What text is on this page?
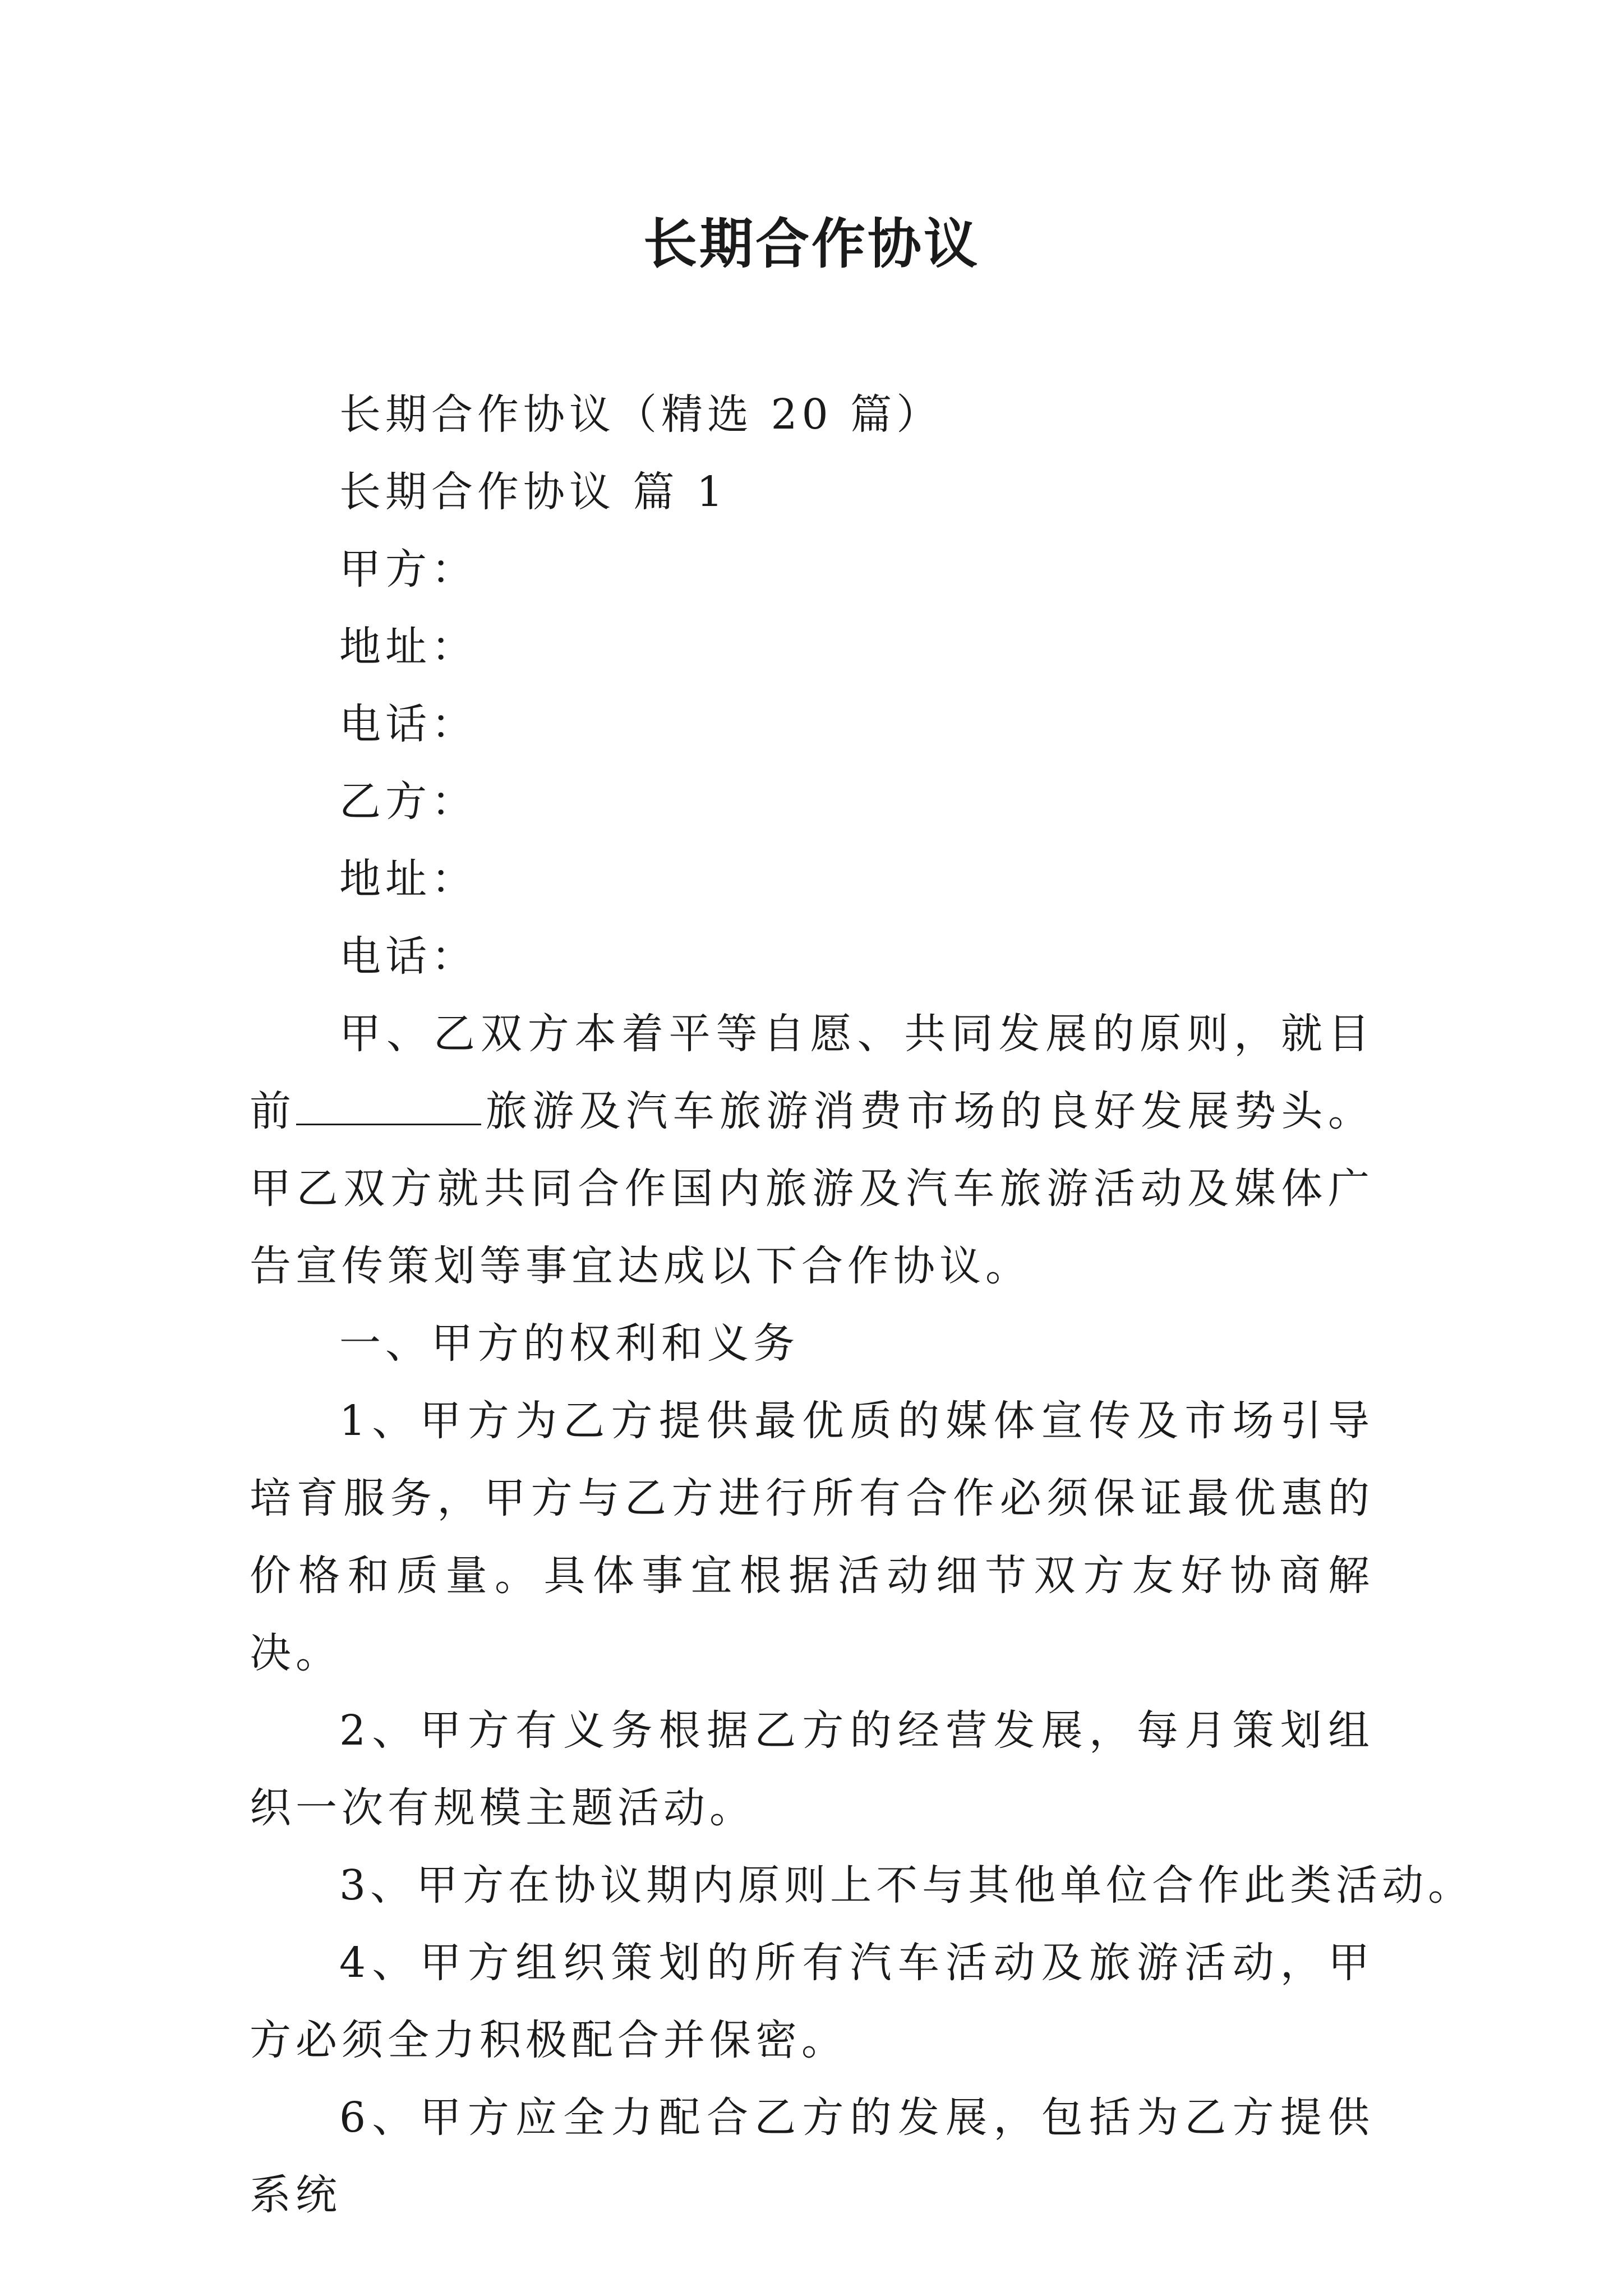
长期合作协议

长期合作协议（精选 20 篇）

长期合作协议 篇 1

甲方：

地址：

电话：

乙方：

地址：

电话：

甲、乙双方本着平等自愿、共同发展的原则，就目前	旅游及汽车旅游消费市场的良好发展势头。甲乙双方就共同合作国内旅游及汽车旅游活动及媒体广告宣传策划等事宜达成以下合作协议。

一、甲方的权利和义务

1、甲方为乙方提供最优质的媒体宣传及市场引导培育服务，甲方与乙方进行所有合作必须保证最优惠的价格和质量。具体事宜根据活动细节双方友好协商解决。

2、甲方有义务根据乙方的经营发展，每月策划组织一次有规模主题活动。

3、甲方在协议期内原则上不与其他单位合作此类活动。

4、甲方组织策划的所有汽车活动及旅游活动，甲方必须全力积极配合并保密。

6、甲方应全力配合乙方的发展，包括为乙方提供系统
